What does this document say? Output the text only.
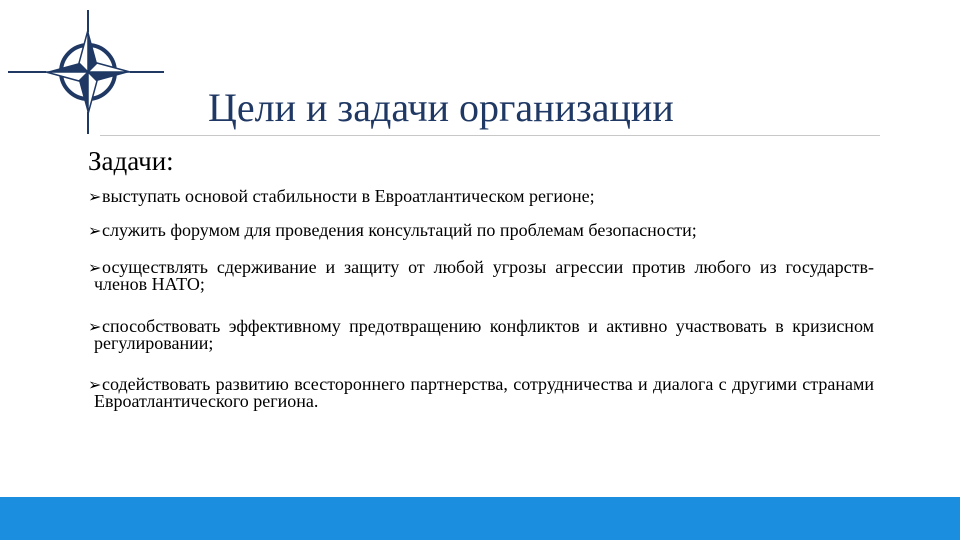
Цели и задачи организации
Задачи:
➢выступать основой стабильности в Евроатлантическом регионе;
➢служить форумом для проведения консультаций по проблемам безопасности;
➢осуществлять сдерживание и защиту от любой угрозы агрессии против любого из государств- членов НАТО;
➢способствовать эффективному предотвращению конфликтов и активно участвовать в кризисном регулировании;
➢содействовать развитию всестороннего партнерства, сотрудничества и диалога с другими странами Евроатлантического региона.
